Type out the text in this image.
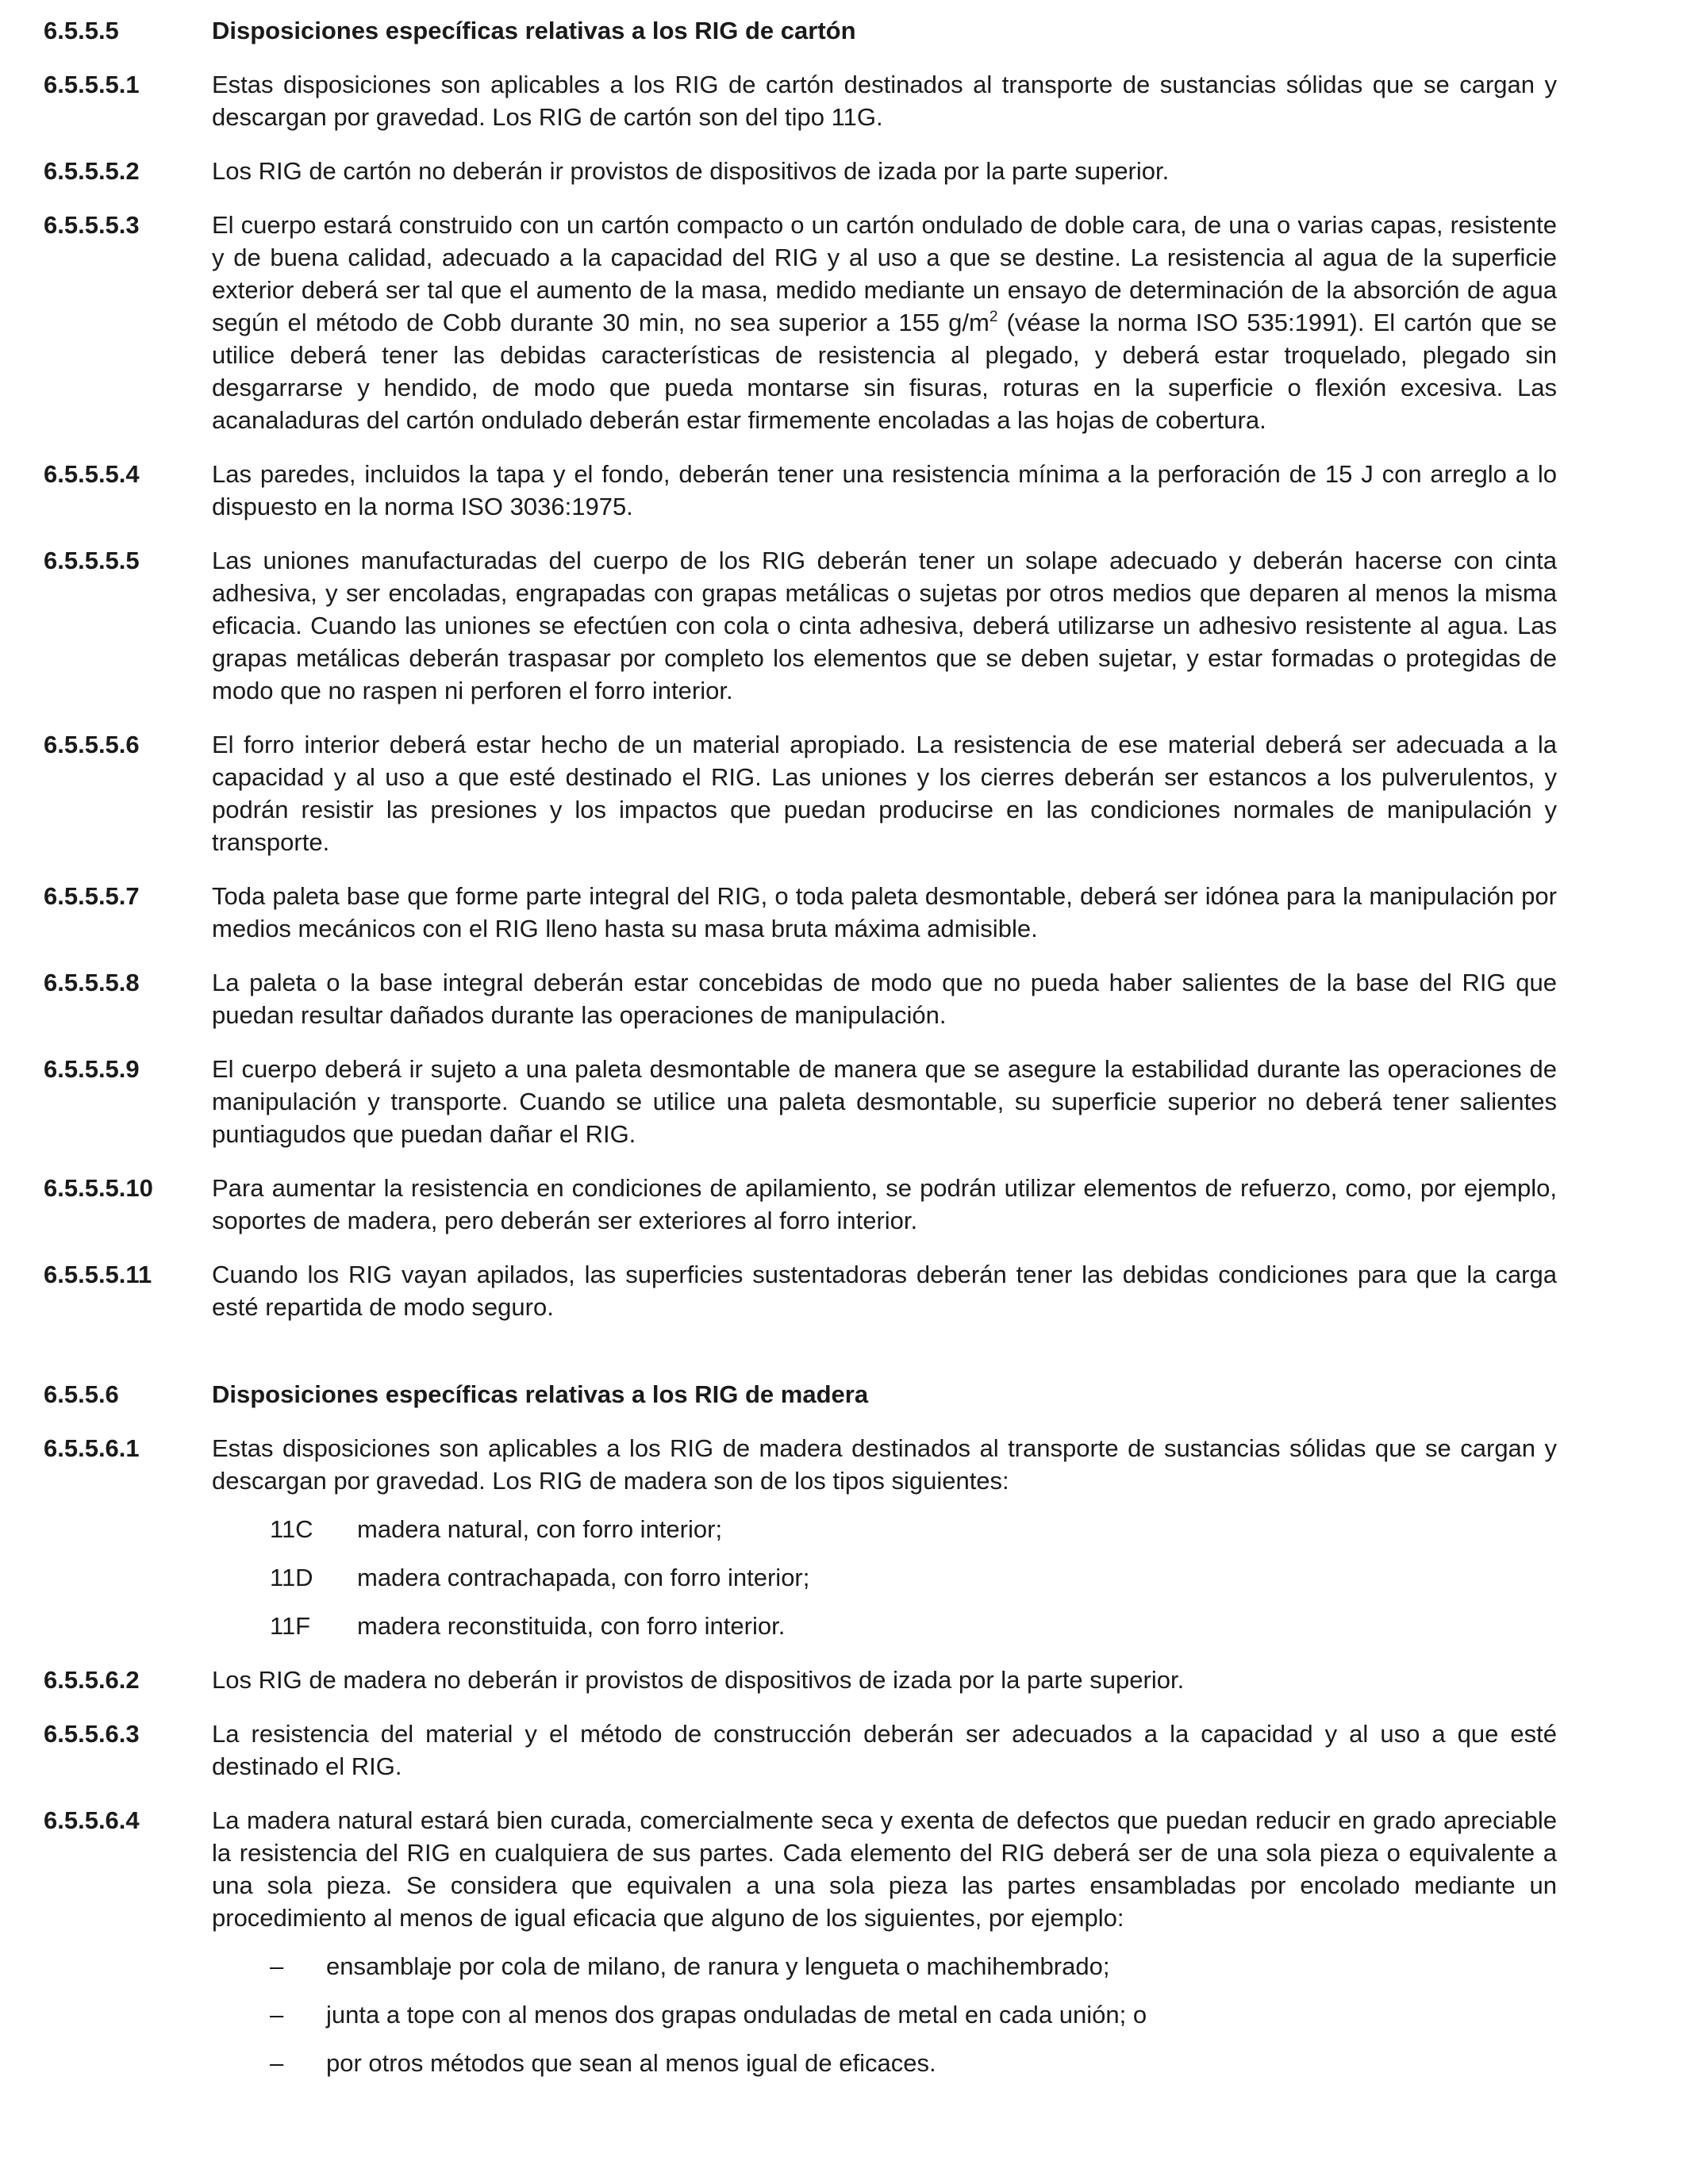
6.5.5.5	Disposiciones específicas relativas a los RIG de cartón
6.5.5.5.1	Estas disposiciones son aplicables a los RIG de cartón destinados al transporte de sustancias sólidas que se cargan y descargan por gravedad. Los RIG de cartón son del tipo 11G.
6.5.5.5.2	Los RIG de cartón no deberán ir provistos de dispositivos de izada por la parte superior.
6.5.5.5.3	El cuerpo estará construido con un cartón compacto o un cartón ondulado de doble cara, de una o varias capas, resistente y de buena calidad, adecuado a la capacidad del RIG y al uso a que se destine. La resistencia al agua de la superficie exterior deberá ser tal que el aumento de la masa, medido mediante un ensayo de determinación de la absorción de agua según el método de Cobb durante 30 min, no sea superior a 155 $g/m^2$ (véase la norma ISO 535:1991). El cartón que se utilice deberá tener las debidas características de resistencia al plegado, y deberá estar troquelado, plegado sin desgarrarse y hendido, de modo que pueda montarse sin fisuras, roturas en la superficie o flexión excesiva. Las acanaladuras del cartón ondulado deberán estar firmemente encoladas a las hojas de cobertura.
6.5.5.5.4	Las paredes, incluidos la tapa y el fondo, deberán tener una resistencia mínima a la perforación de 15 J con arreglo a lo dispuesto en la norma ISO 3036:1975.
6.5.5.5.5	Las uniones manufacturadas del cuerpo de los RIG deberán tener un solape adecuado y deberán hacerse con cinta adhesiva, y ser encoladas, engrapadas con grapas metálicas o sujetas por otros medios que deparen al menos la misma eficacia. Cuando las uniones se efectúen con cola o cinta adhesiva, deberá utilizarse un adhesivo resistente al agua. Las grapas metálicas deberán traspasar por completo los elementos que se deben sujetar, y estar formadas o protegidas de modo que no raspen ni perforen el forro interior.
6.5.5.5.6	El forro interior deberá estar hecho de un material apropiado. La resistencia de ese material deberá ser adecuada a la capacidad y al uso a que esté destinado el RIG. Las uniones y los cierres deberán ser estancos a los pulverulentos, y podrán resistir las presiones y los impactos que puedan producirse en las condiciones normales de manipulación y transporte.
6.5.5.5.7	Toda paleta base que forme parte integral del RIG, o toda paleta desmontable, deberá ser idónea para la manipulación por medios mecánicos con el RIG lleno hasta su masa bruta máxima admisible.
6.5.5.5.8	La paleta o la base integral deberán estar concebidas de modo que no pueda haber salientes de la base del RIG que puedan resultar dañados durante las operaciones de manipulación.
6.5.5.5.9	El cuerpo deberá ir sujeto a una paleta desmontable de manera que se asegure la estabilidad durante las operaciones de manipulación y transporte. Cuando se utilice una paleta desmontable, su superficie superior no deberá tener salientes puntiagudos que puedan dañar el RIG.
6.5.5.5.10	Para aumentar la resistencia en condiciones de apilamiento, se podrán utilizar elementos de refuerzo, como, por ejemplo, soportes de madera, pero deberán ser exteriores al forro interior.
6.5.5.5.11	Cuando los RIG vayan apilados, las superficies sustentadoras deberán tener las debidas condiciones para que la carga esté repartida de modo seguro.
6.5.5.6	Disposiciones específicas relativas a los RIG de madera
6.5.5.6.1	Estas disposiciones son aplicables a los RIG de madera destinados al transporte de sustancias sólidas que se cargan y descargan por gravedad. Los RIG de madera son de los tipos siguientes:
11C	madera natural, con forro interior;
11D	madera contrachapada, con forro interior;
11F	madera reconstituida, con forro interior.
6.5.5.6.2	Los RIG de madera no deberán ir provistos de dispositivos de izada por la parte superior.
6.5.5.6.3	La resistencia del material y el método de construcción deberán ser adecuados a la capacidad y al uso a que esté destinado el RIG.
6.5.5.6.4	La madera natural estará bien curada, comercialmente seca y exenta de defectos que puedan reducir en grado apreciable la resistencia del RIG en cualquiera de sus partes. Cada elemento del RIG deberá ser de una sola pieza o equivalente a una sola pieza. Se considera que equivalen a una sola pieza las partes ensambladas por encolado mediante un procedimiento al menos de igual eficacia que alguno de los siguientes, por ejemplo:
–	ensamblaje por cola de milano, de ranura y lengueta o machihembrado;
–	junta a tope con al menos dos grapas onduladas de metal en cada unión; o
–	por otros métodos que sean al menos igual de eficaces.
